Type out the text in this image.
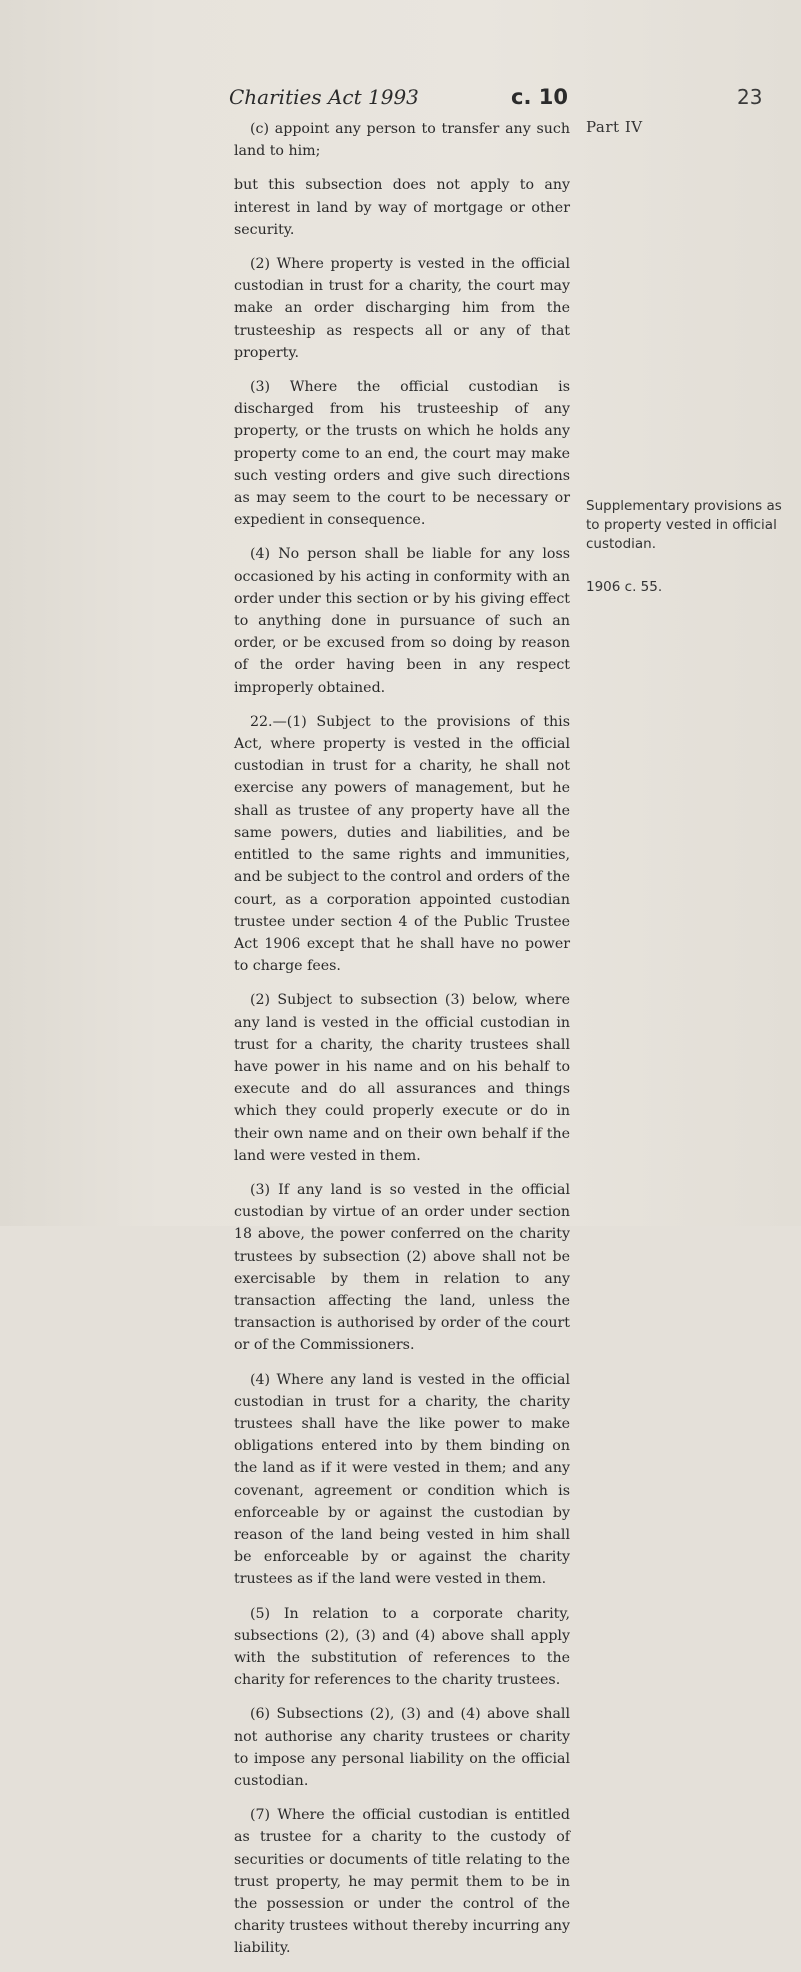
Charities Act 1993	c. 10	23

(c) appoint any person to transfer any such land to him;

but this subsection does not apply to any interest in land by way of mortgage or other security.

(2) Where property is vested in the official custodian in trust for a charity, the court may make an order discharging him from the trusteeship as respects all or any of that property.

(3) Where the official custodian is discharged from his trusteeship of any property, or the trusts on which he holds any property come to an end, the court may make such vesting orders and give such directions as may seem to the court to be necessary or expedient in consequence.

(4) No person shall be liable for any loss occasioned by his acting in conformity with an order under this section or by his giving effect to anything done in pursuance of such an order, or be excused from so doing by reason of the order having been in any respect improperly obtained.

22.—(1) Subject to the provisions of this Act, where property is vested in the official custodian in trust for a charity, he shall not exercise any powers of management, but he shall as trustee of any property have all the same powers, duties and liabilities, and be entitled to the same rights and immunities, and be subject to the control and orders of the court, as a corporation appointed custodian trustee under section 4 of the Public Trustee Act 1906 except that he shall have no power to charge fees.

(2) Subject to subsection (3) below, where any land is vested in the official custodian in trust for a charity, the charity trustees shall have power in his name and on his behalf to execute and do all assurances and things which they could properly execute or do in their own name and on their own behalf if the land were vested in them.

(3) If any land is so vested in the official custodian by virtue of an order under section 18 above, the power conferred on the charity trustees by subsection (2) above shall not be exercisable by them in relation to any transaction affecting the land, unless the transaction is authorised by order of the court or of the Commissioners.

(4) Where any land is vested in the official custodian in trust for a charity, the charity trustees shall have the like power to make obligations entered into by them binding on the land as if it were vested in them; and any covenant, agreement or condition which is enforceable by or against the custodian by reason of the land being vested in him shall be enforceable by or against the charity trustees as if the land were vested in them.

(5) In relation to a corporate charity, subsections (2), (3) and (4) above shall apply with the substitution of references to the charity for references to the charity trustees.

(6) Subsections (2), (3) and (4) above shall not authorise any charity trustees or charity to impose any personal liability on the official custodian.

(7) Where the official custodian is entitled as trustee for a charity to the custody of securities or documents of title relating to the trust property, he may permit them to be in the possession or under the control of the charity trustees without thereby incurring any liability.

Part IV
Supplementary provisions as to property vested in official custodian.
1906 c. 55.
